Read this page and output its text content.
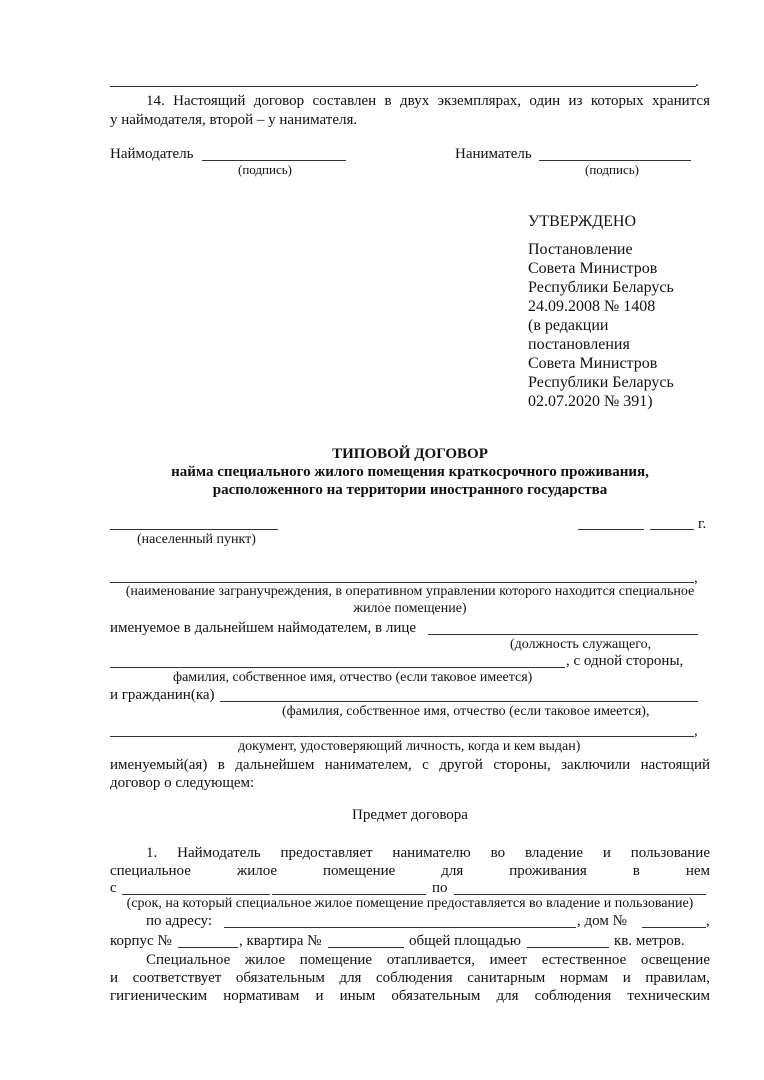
.
14. Настоящий договор составлен в двух экземплярах, один из которых хранится
у наймодателя, второй – у нанимателя.
Наймодатель
(подпись)
Наниматель
(подпись)
УТВЕРЖДЕНО
Постановление
Совета Министров
Республики Беларусь
24.09.2008 № 1408
(в редакции
постановления
Совета Министров
Республики Беларусь
02.07.2020 № 391)
ТИПОВОЙ ДОГОВОР
найма специального жилого помещения краткосрочного проживания,
расположенного на территории иностранного государства
(населенный пункт)
г.
,
(наименование загранучреждения, в оперативном управлении которого находится специальное
жилое помещение)
именуемое в дальнейшем наймодателем, в лице
(должность служащего,
, с одной стороны,
фамилия, собственное имя, отчество (если таковое имеется)
и гражданин(ка)
(фамилия, собственное имя, отчество (если таковое имеется),
,
документ, удостоверяющий личность, когда и кем выдан)
именуемый(ая) в дальнейшем нанимателем, с другой стороны, заключили настоящий
договор о следующем:
Предмет договора
1. Наймодатель предоставляет нанимателю во владение и пользование
специальное жилое помещение для проживания в нем
с	по
(срок, на который специальное жилое помещение предоставляется во владение и пользование)
по адресу:	, дом №	,
корпус №	, квартира №	общей площадью	кв. метров.
Специальное жилое помещение отапливается, имеет естественное освещение
и соответствует обязательным для соблюдения санитарным нормам и правилам,
гигиеническим нормативам и иным обязательным для соблюдения техническим
